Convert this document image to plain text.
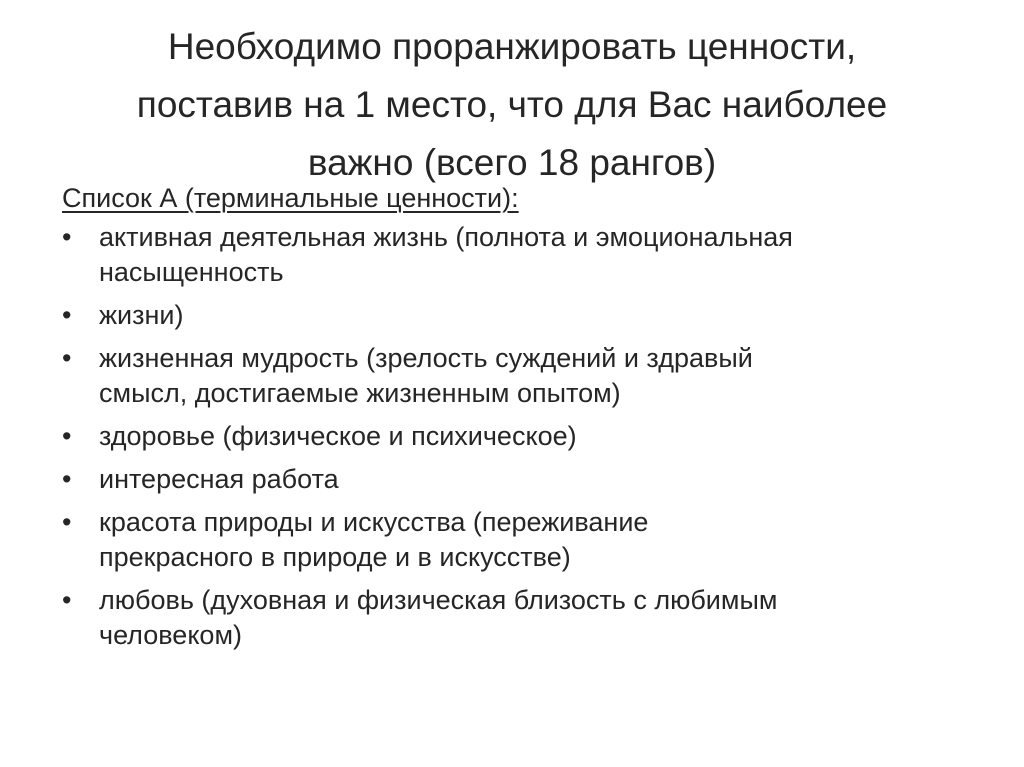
Необходимо проранжировать ценности,
поставив на 1 место, что для Вас наиболее
важно (всего 18 рангов)

Список А (терминальные ценности):

•	активная деятельная жизнь (полнота и эмоциональная
насыщенность
•	жизни)
•	жизненная мудрость (зрелость суждений и здравый
смысл, достигаемые жизненным опытом)
•	здоровье (физическое и психическое)
•	интересная работа
•	красота природы и искусства (переживание
прекрасного в природе и в искусстве)
•	любовь (духовная и физическая близость с любимым
человеком)
